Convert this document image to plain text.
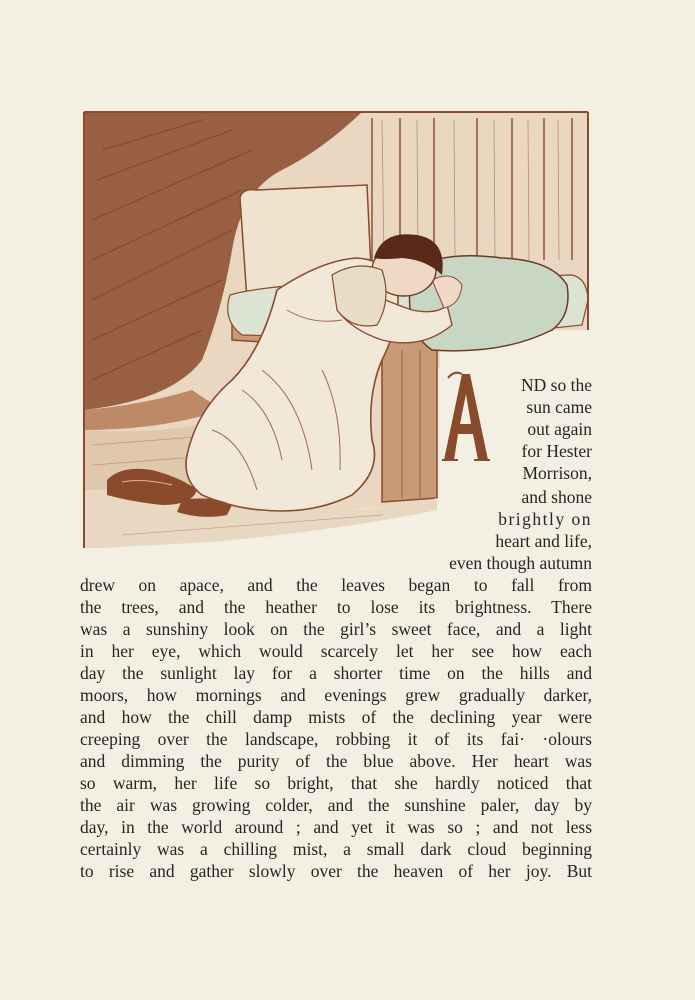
A
ND so the
sun came
out again
for Hester
Morrison,
and shone
brightly on
heart and life,
even though autumn
drew on apace, and the leaves began to fall from
the trees, and the heather to lose its brightness. There
was a sunshiny look on the girl’s sweet face, and a light
in her eye, which would scarcely let her see how each
day the sunlight lay for a shorter time on the hills and
moors, how mornings and evenings grew gradually darker,
and how the chill damp mists of the declining year were
creeping over the landscape, robbing it of its fai· ·olours
and dimming the purity of the blue above. Her heart was
so warm, her life so bright, that she hardly noticed that
the air was growing colder, and the sunshine paler, day by
day, in the world around ; and yet it was so ; and not less
certainly was a chilling mist, a small dark cloud beginning
to rise and gather slowly over the heaven of her joy. But
